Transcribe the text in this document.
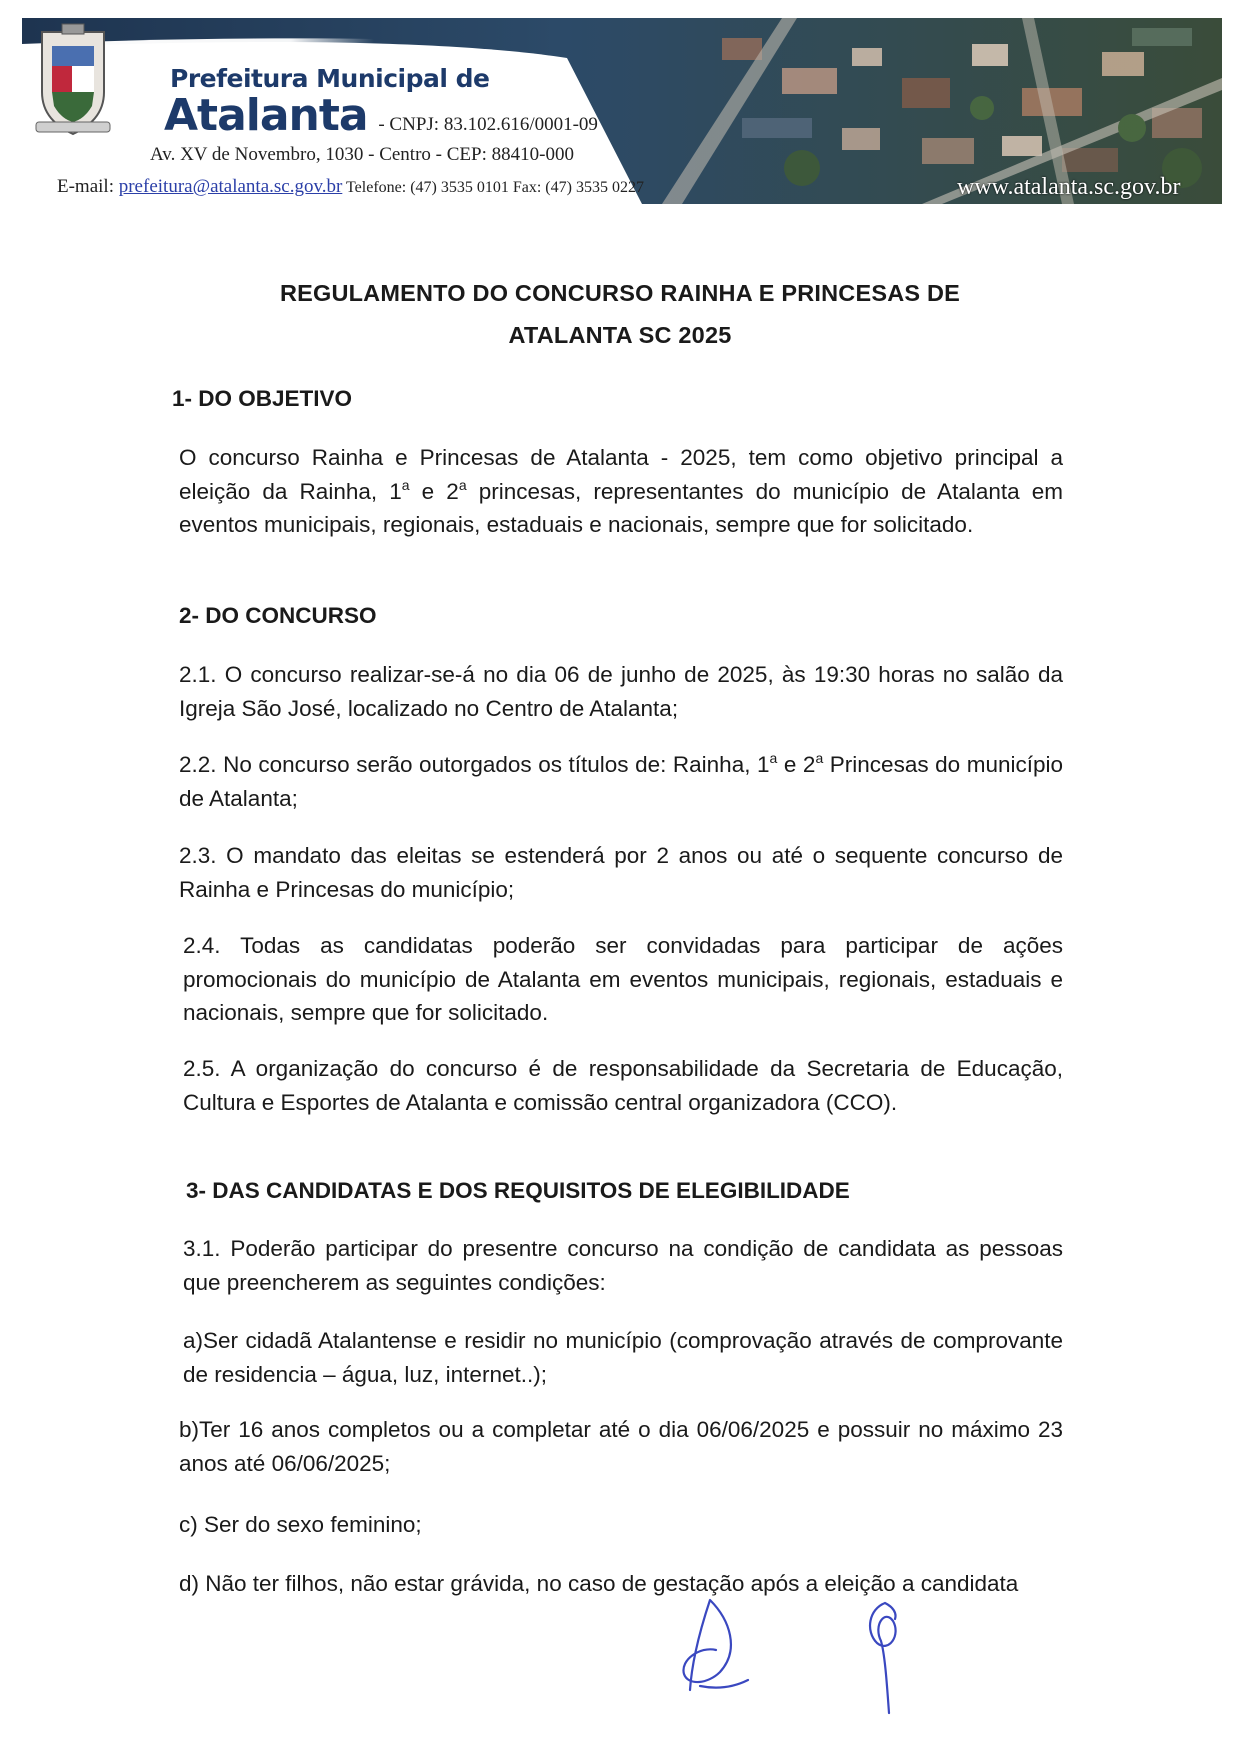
Prefeitura Municipal de
Atalanta - CNPJ: 83.102.616/0001-09
Av. XV de Novembro, 1030 - Centro - CEP: 88410-000
E-mail: prefeitura@atalanta.sc.gov.br Telefone: (47) 3535 0101 Fax: (47) 3535 0227	www.atalanta.sc.gov.br
REGULAMENTO DO CONCURSO RAINHA E PRINCESAS DE
ATALANTA SC 2025
1- DO OBJETIVO
O concurso Rainha e Princesas de Atalanta - 2025, tem como objetivo principal a eleição da Rainha, 1$^a$ e 2$^a$ princesas, representantes do município de Atalanta em eventos municipais, regionais, estaduais e nacionais, sempre que for solicitado.
2- DO CONCURSO
2.1. O concurso realizar-se-á no dia 06 de junho de 2025, às 19:30 horas no salão da Igreja São José, localizado no Centro de Atalanta;
2.2. No concurso serão outorgados os títulos de: Rainha, 1$^a$ e 2$^a$ Princesas do município de Atalanta;
2.3. O mandato das eleitas se estenderá por 2 anos ou até o sequente concurso de Rainha e Princesas do município;
2.4. Todas as candidatas poderão ser convidadas para participar de ações promocionais do município de Atalanta em eventos municipais, regionais, estaduais e nacionais, sempre que for solicitado.
2.5. A organização do concurso é de responsabilidade da Secretaria de Educação, Cultura e Esportes de Atalanta e comissão central organizadora (CCO).
3- DAS CANDIDATAS E DOS REQUISITOS DE ELEGIBILIDADE
3.1. Poderão participar do presentre concurso na condição de candidata as pessoas que preencherem as seguintes condições:
a)Ser cidadã Atalantense e residir no município (comprovação através de comprovante de residencia – água, luz, internet..);
b)Ter 16 anos completos ou a completar até o dia 06/06/2025 e possuir no máximo 23 anos até 06/06/2025;
c) Ser do sexo feminino;
d) Não ter filhos, não estar grávida, no caso de gestação após a eleição a candidata
